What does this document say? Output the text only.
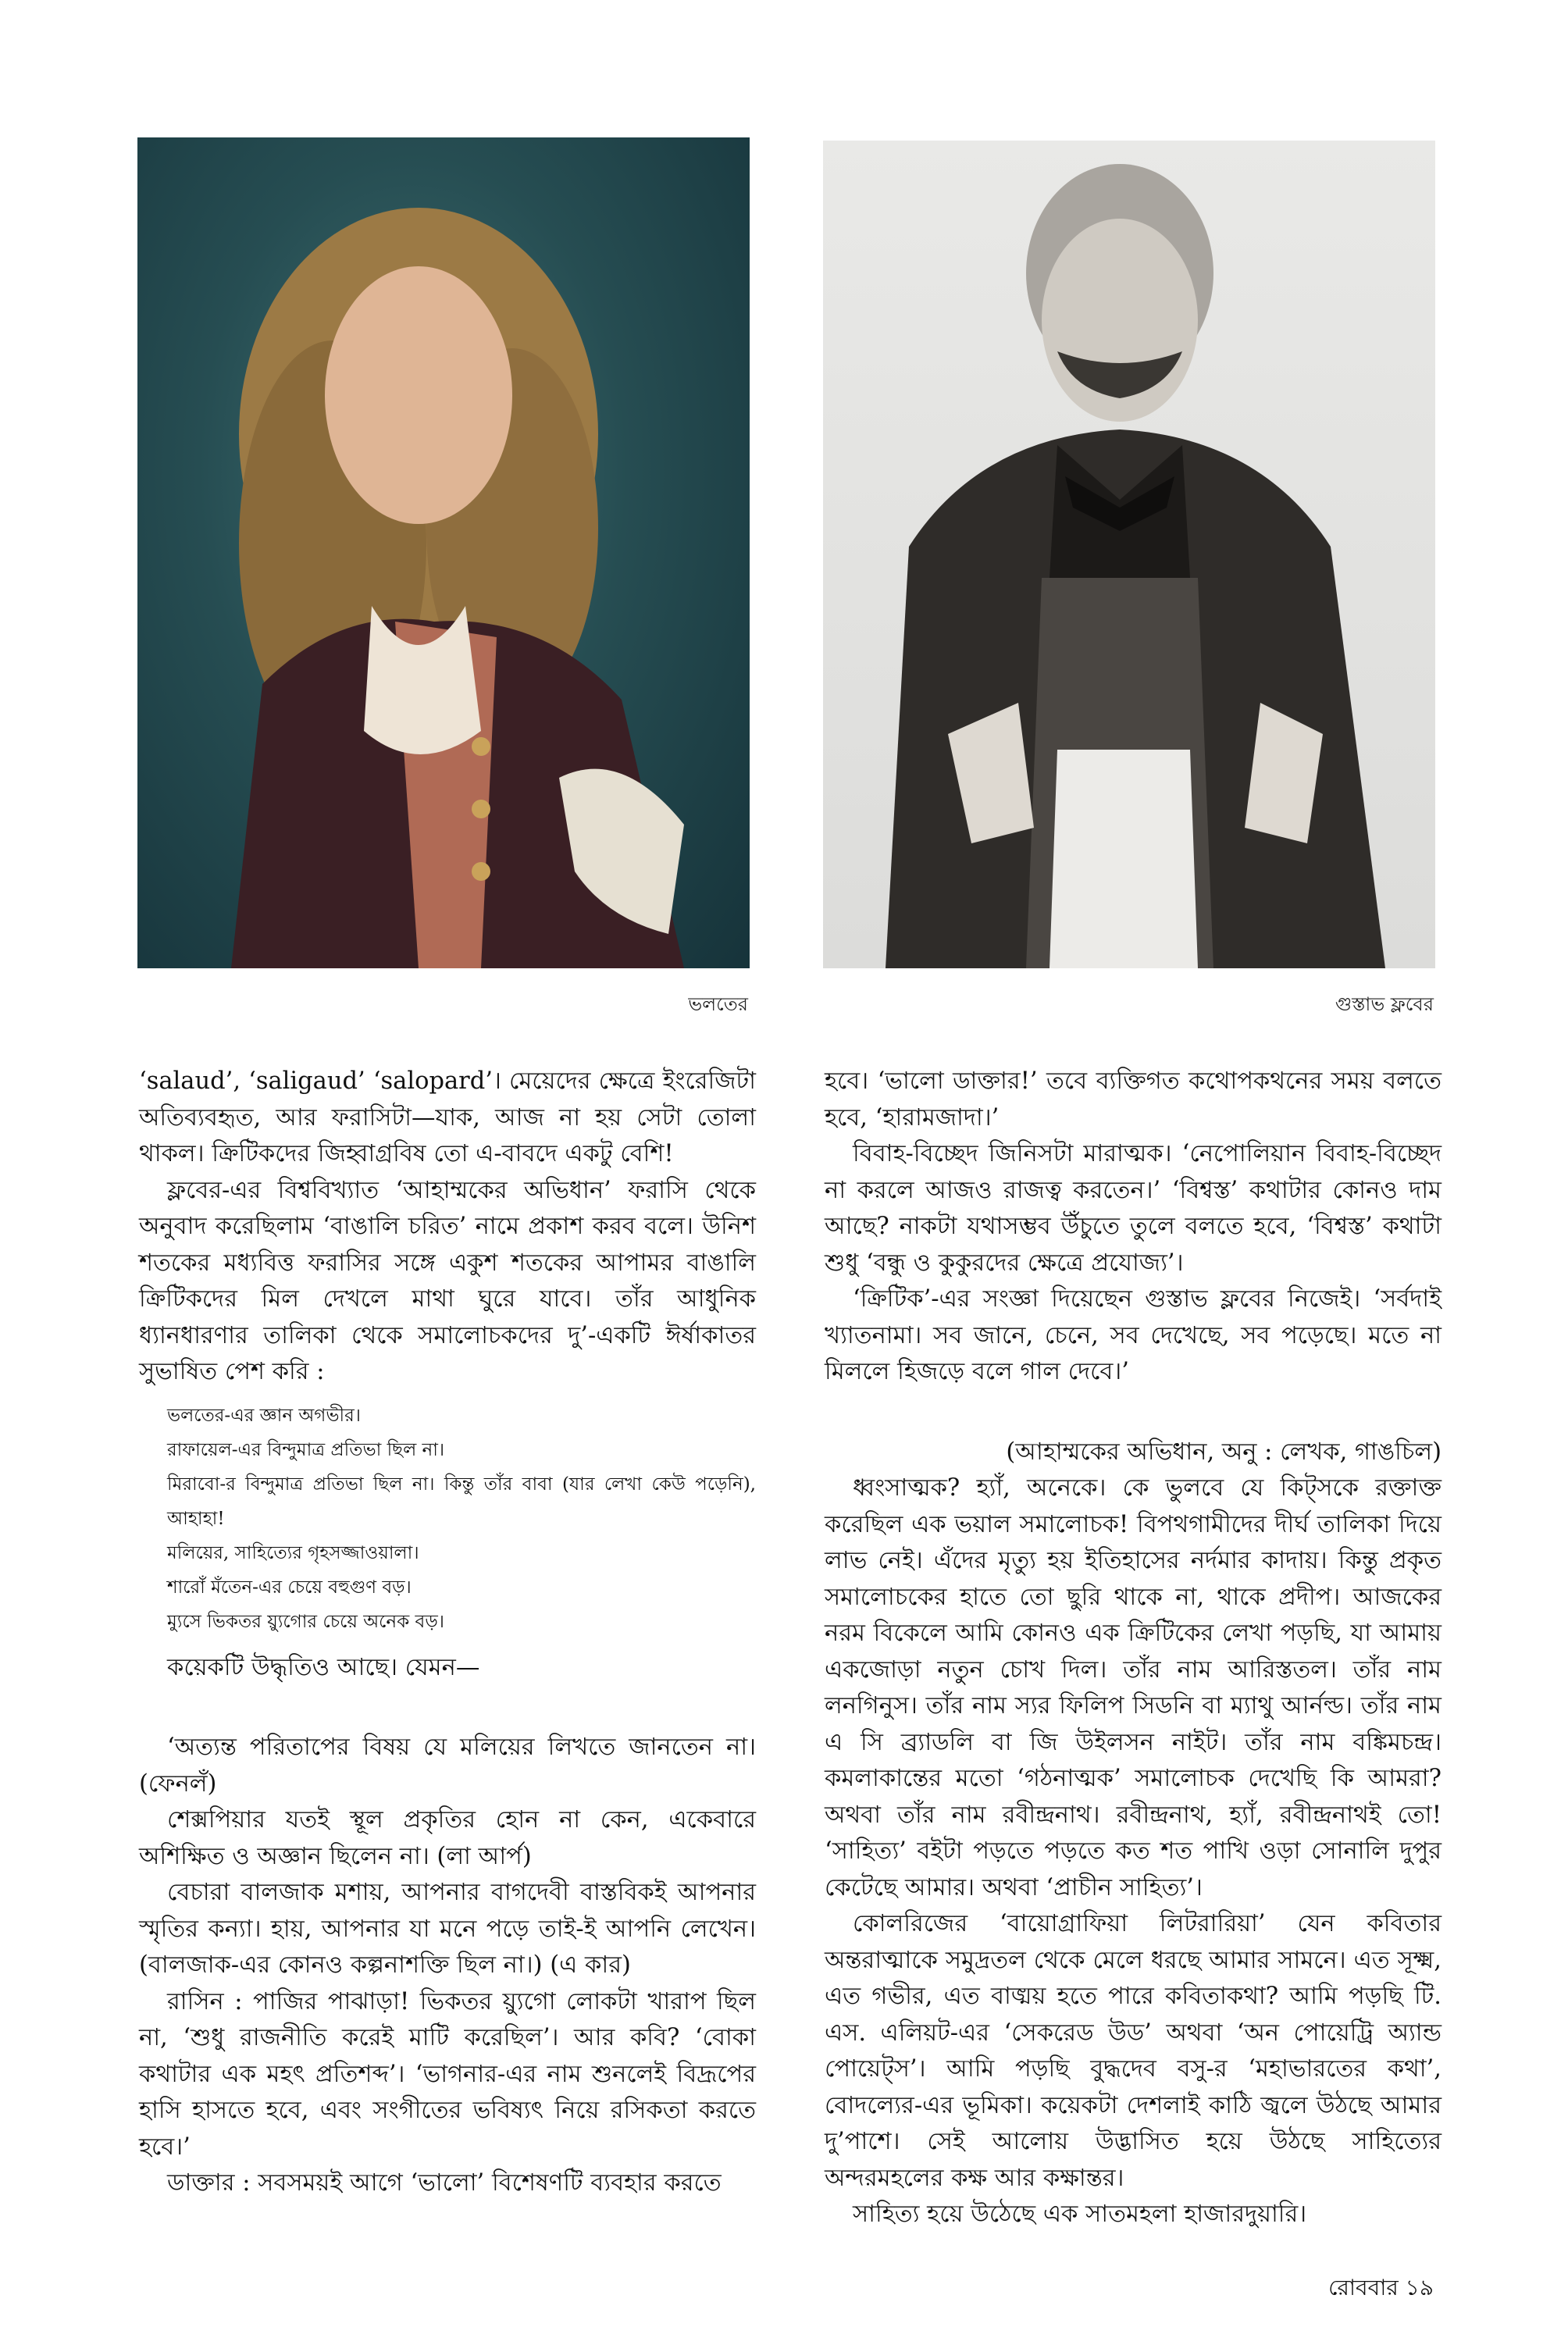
ভলতের	গুস্তাভ ফ্লবের

‘salaud’, ‘saligaud’ ‘salopard’। মেয়েদের ক্ষেত্রে ইংরেজিটা অতিব্যবহৃত, আর ফরাসিটা—যাক, আজ না হয় সেটা তোলা থাকল। ক্রিটিকদের জিহ্বাগ্রবিষ তো এ-বাবদে একটু বেশি!

ফ্লবের-এর বিশ্ববিখ্যাত ‘আহাম্মকের অভিধান’ ফরাসি থেকে অনুবাদ করেছিলাম ‘বাঙালি চরিত’ নামে প্রকাশ করব বলে। উনিশ শতকের মধ্যবিত্ত ফরাসির সঙ্গে একুশ শতকের আপামর বাঙালি ক্রিটিকদের মিল দেখলে মাথা ঘুরে যাবে। তাঁর আধুনিক ধ্যানধারণার তালিকা থেকে সমালোচকদের দু’-একটি ঈর্ষাকাতর সুভাষিত পেশ করি :

ভলতের-এর জ্ঞান অগভীর।
রাফায়েল-এর বিন্দুমাত্র প্রতিভা ছিল না।
মিরাবো-র বিন্দুমাত্র প্রতিভা ছিল না। কিন্তু তাঁর বাবা (যার লেখা কেউ পড়েনি), আহাহা!
মলিয়ের, সাহিত্যের গৃহসজ্জাওয়ালা।
শারোঁ মঁতেন-এর চেয়ে বহুগুণ বড়।
ম্যুসে ভিকতর য়্যুগোর চেয়ে অনেক বড়।

কয়েকটি উদ্ধৃতিও আছে। যেমন—

‘অত্যন্ত পরিতাপের বিষয় যে মলিয়ের লিখতে জানতেন না। (ফেনলঁ)

শেক্সপিয়ার যতই স্থূল প্রকৃতির হোন না কেন, একেবারে অশিক্ষিত ও অজ্ঞান ছিলেন না। (লা আর্প)

বেচারা বালজাক মশায়, আপনার বাগদেবী বাস্তবিকই আপনার স্মৃতির কন্যা। হায়, আপনার যা মনে পড়ে তাই-ই আপনি লেখেন। (বালজাক-এর কোনও কল্পনাশক্তি ছিল না।) (এ কার)

রাসিন : পাজির পাঝাড়া! ভিকতর য়্যুগো লোকটা খারাপ ছিল না, ‘শুধু রাজনীতি করেই মাটি করেছিল’। আর কবি? ‘বোকা কথাটার এক মহৎ প্রতিশব্দ’। ‘ভাগনার-এর নাম শুনলেই বিদ্রূপের হাসি হাসতে হবে, এবং সংগীতের ভবিষ্যৎ নিয়ে রসিকতা করতে হবে।’

ডাক্তার : সবসময়ই আগে ‘ভালো’ বিশেষণটি ব্যবহার করতে

হবে। ‘ভালো ডাক্তার!’ তবে ব্যক্তিগত কথোপকথনের সময় বলতে হবে, ‘হারামজাদা।’

বিবাহ-বিচ্ছেদ জিনিসটা মারাত্মক। ‘নেপোলিয়ান বিবাহ-বিচ্ছেদ না করলে আজও রাজত্ব করতেন।’ ‘বিশ্বস্ত’ কথাটার কোনও দাম আছে? নাকটা যথাসম্ভব উঁচুতে তুলে বলতে হবে, ‘বিশ্বস্ত’ কথাটা শুধু ‘বন্ধু ও কুকুরদের ক্ষেত্রে প্রযোজ্য’।

‘ক্রিটিক’-এর সংজ্ঞা দিয়েছেন গুস্তাভ ফ্লবের নিজেই। ‘সর্বদাই খ্যাতনামা। সব জানে, চেনে, সব দেখেছে, সব পড়েছে। মতে না মিললে হিজড়ে বলে গাল দেবে।’

(আহাম্মকের অভিধান, অনু : লেখক, গাঙচিল)

ধ্বংসাত্মক? হ্যাঁ, অনেকে। কে ভুলবে যে কিট্‌সকে রক্তাক্ত করেছিল এক ভয়াল সমালোচক! বিপথগামীদের দীর্ঘ তালিকা দিয়ে লাভ নেই। এঁদের মৃত্যু হয় ইতিহাসের নর্দমার কাদায়। কিন্তু প্রকৃত সমালোচকের হাতে তো ছুরি থাকে না, থাকে প্রদীপ। আজকের নরম বিকেলে আমি কোনও এক ক্রিটিকের লেখা পড়ছি, যা আমায় একজোড়া নতুন চোখ দিল। তাঁর নাম আরিস্ততল। তাঁর নাম লনগিনুস। তাঁর নাম স্যর ফিলিপ সিডনি বা ম্যাথু আর্নল্ড। তাঁর নাম এ সি ব্র্যাডলি বা জি উইলসন নাইট। তাঁর নাম বঙ্কিমচন্দ্র। কমলাকান্তের মতো ‘গঠনাত্মক’ সমালোচক দেখেছি কি আমরা? অথবা তাঁর নাম রবীন্দ্রনাথ। রবীন্দ্রনাথ, হ্যাঁ, রবীন্দ্রনাথই তো! ‘সাহিত্য’ বইটা পড়তে পড়তে কত শত পাখি ওড়া সোনালি দুপুর কেটেছে আমার। অথবা ‘প্রাচীন সাহিত্য’।

কোলরিজের ‘বায়োগ্রাফিয়া লিটরারিয়া’ যেন কবিতার অন্তরাত্মাকে সমুদ্রতল থেকে মেলে ধরছে আমার সামনে। এত সূক্ষ্ম, এত গভীর, এত বাঙ্ময় হতে পারে কবিতাকথা? আমি পড়ছি টি. এস. এলিয়ট-এর ‘সেকরেড উড’ অথবা ‘অন পোয়েট্রি অ্যান্ড পোয়েট্স’। আমি পড়ছি বুদ্ধদেব বসু-র ‘মহাভারতের কথা’, বোদল্যের-এর ভূমিকা। কয়েকটা দেশলাই কাঠি জ্বলে উঠছে আমার দু’পাশে। সেই আলোয় উদ্ভাসিত হয়ে উঠছে সাহিত্যের অন্দরমহলের কক্ষ আর কক্ষান্তর।

সাহিত্য হয়ে উঠেছে এক সাতমহলা হাজারদুয়ারি।

রোববার ১৯
